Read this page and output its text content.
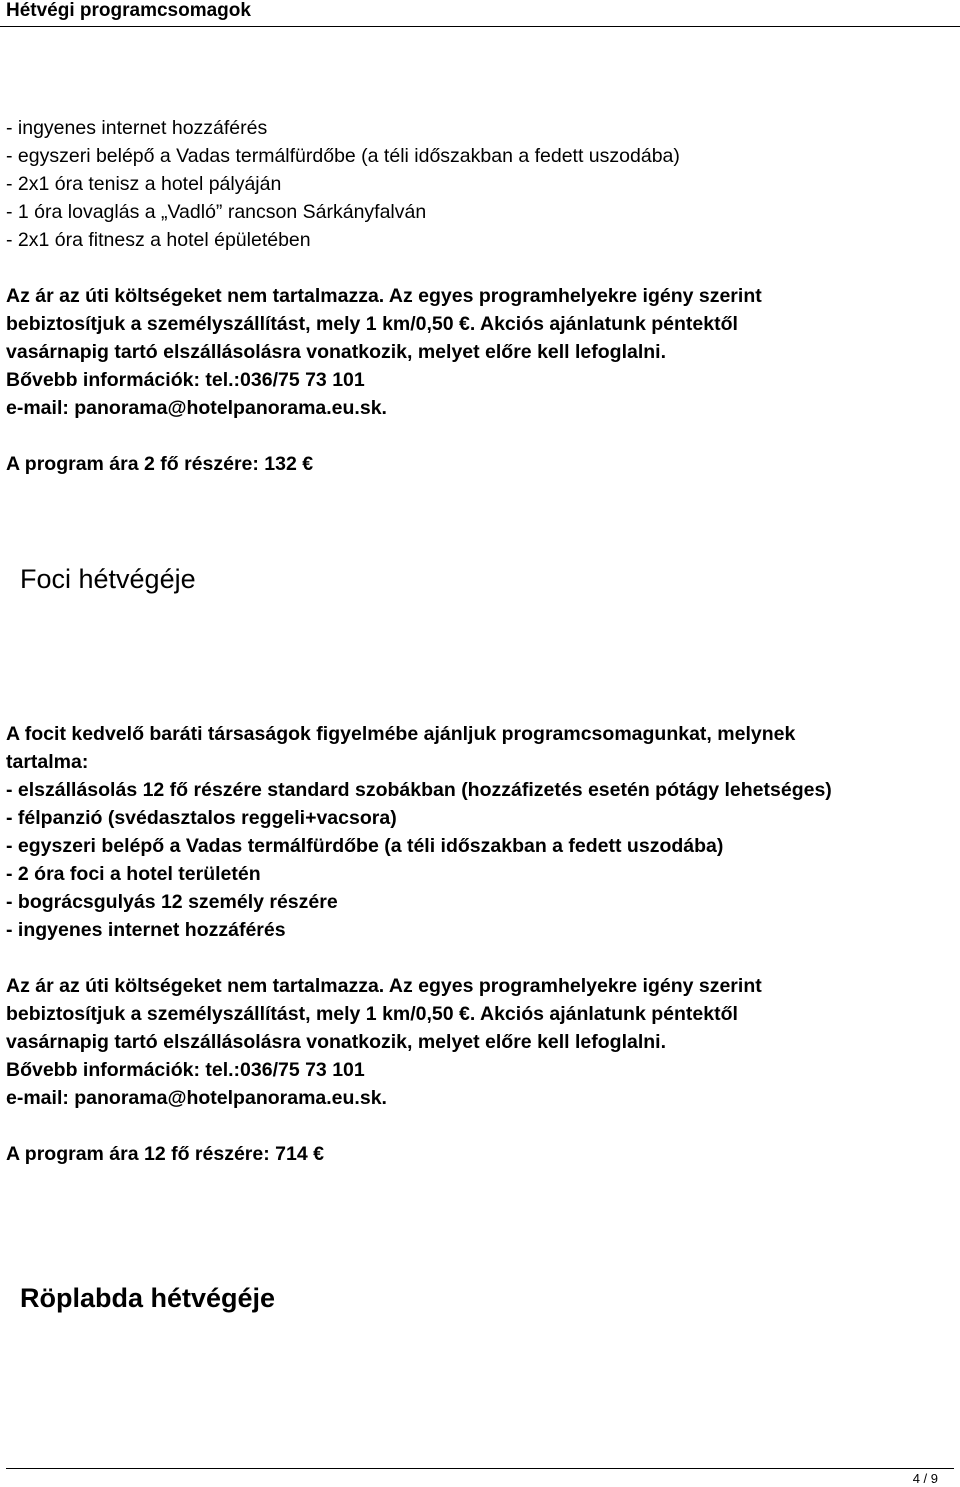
Hétvégi programcsomagok
- ingyenes internet hozzáférés
- egyszeri belépő a Vadas termálfürdőbe (a téli időszakban a fedett uszodába)
- 2x1 óra tenisz a hotel pályáján
- 1 óra lovaglás a „Vadló” rancson Sárkányfalván
- 2x1 óra fitnesz a hotel épületében
Az ár az úti költségeket nem tartalmazza. Az egyes programhelyekre igény szerint
bebiztosítjuk a személyszállítást, mely 1 km/0,50 €. Akciós ajánlatunk péntektől
vasárnapig tartó elszállásolásra vonatkozik, melyet előre kell lefoglalni.
Bővebb információk: tel.:036/75 73 101
e-mail: panorama@hotelpanorama.eu.sk.
A program ára 2 fő részére: 132 €
Foci hétvégéje
A focit kedvelő baráti társaságok figyelmébe ajánljuk programcsomagunkat, melynek
tartalma:
- elszállásolás 12 fő részére standard szobákban (hozzáfizetés esetén pótágy lehetséges)
- félpanzió (svédasztalos reggeli+vacsora)
- egyszeri belépő a Vadas termálfürdőbe (a téli időszakban a fedett uszodába)
- 2 óra foci a hotel területén
- bográcsgulyás 12 személy részére
- ingyenes internet hozzáférés
Az ár az úti költségeket nem tartalmazza. Az egyes programhelyekre igény szerint
bebiztosítjuk a személyszállítást, mely 1 km/0,50 €. Akciós ajánlatunk péntektől
vasárnapig tartó elszállásolásra vonatkozik, melyet előre kell lefoglalni.
Bővebb információk: tel.:036/75 73 101
e-mail: panorama@hotelpanorama.eu.sk.
A program ára 12 fő részére: 714 €
Röplabda hétvégéje
4 / 9
